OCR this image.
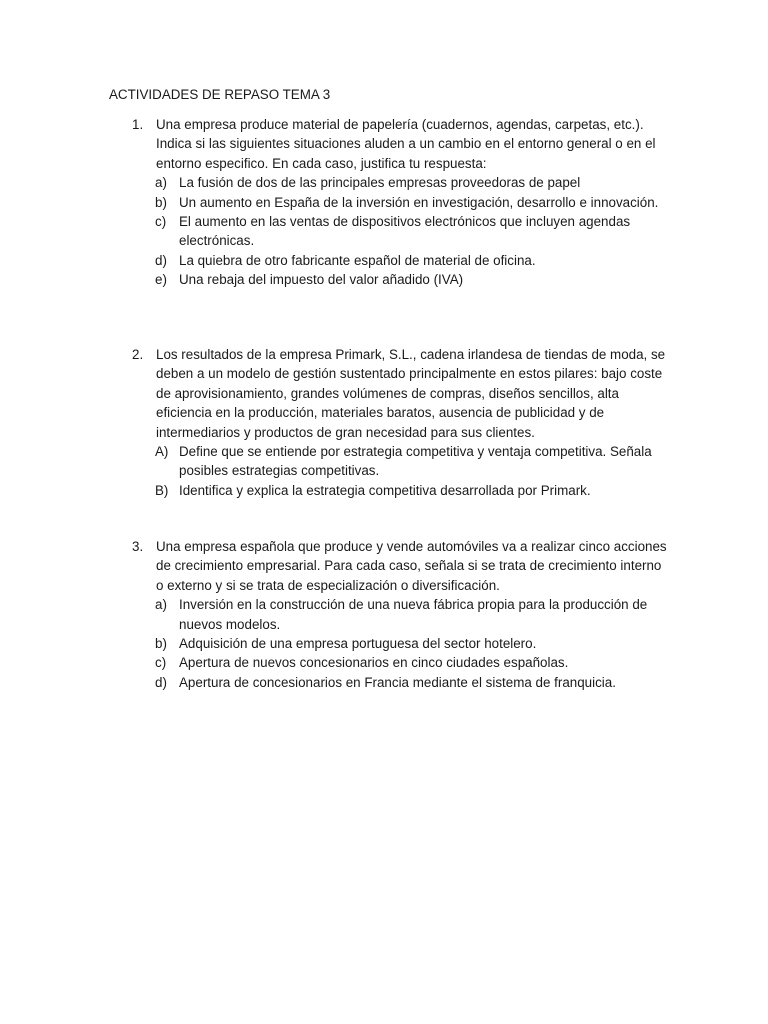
ACTIVIDADES DE REPASO TEMA 3
1. Una empresa produce material de papelería (cuadernos, agendas, carpetas, etc.). Indica si las siguientes situaciones aluden a un cambio en el entorno general o en el entorno especifico. En cada caso, justifica tu respuesta:
a) La fusión de dos de las principales empresas proveedoras de papel
b) Un aumento en España de la inversión en investigación, desarrollo e innovación.
c) El aumento en las ventas de dispositivos electrónicos que incluyen agendas electrónicas.
d) La quiebra de otro fabricante español de material de oficina.
e) Una rebaja del impuesto del valor añadido (IVA)
2. Los resultados de la empresa Primark, S.L., cadena irlandesa de tiendas de moda, se deben a un modelo de gestión sustentado principalmente en estos pilares: bajo coste de aprovisionamiento, grandes volúmenes de compras, diseños sencillos, alta eficiencia en la producción, materiales baratos, ausencia de publicidad y de intermediarios y productos de gran necesidad para sus clientes.
A) Define que se entiende por estrategia competitiva y ventaja competitiva. Señala posibles estrategias competitivas.
B) Identifica y explica la estrategia competitiva desarrollada por Primark.
3. Una empresa española que produce y vende automóviles va a realizar cinco acciones de crecimiento empresarial. Para cada caso, señala si se trata de crecimiento interno o externo y si se trata de especialización o diversificación.
a) Inversión en la construcción de una nueva fábrica propia para la producción de nuevos modelos.
b) Adquisición de una empresa portuguesa del sector hotelero.
c) Apertura de nuevos concesionarios en cinco ciudades españolas.
d) Apertura de concesionarios en Francia mediante el sistema de franquicia.
